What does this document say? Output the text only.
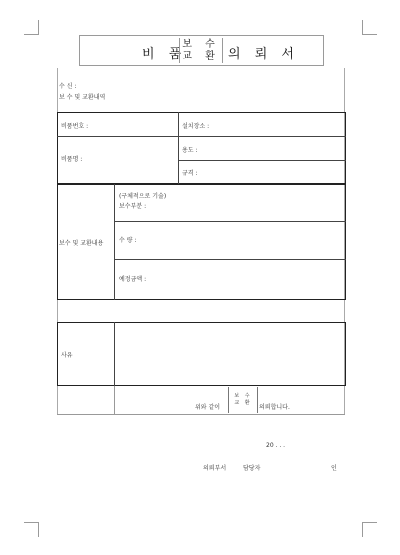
비 품
보 수
교 환 의 뢰 서
수 신 :
보 수 및 교환내역
비품번호 :	설치장소 :
비품명 :
용도 :
규격 :
보수 및 교환내용
(구체적으로 기술)
보수부분 :
수 량 :
예정금액 :
사유
위와 같이
보 수
교 환
의뢰합니다.
20 . . .
의뢰부서	담당자	인
